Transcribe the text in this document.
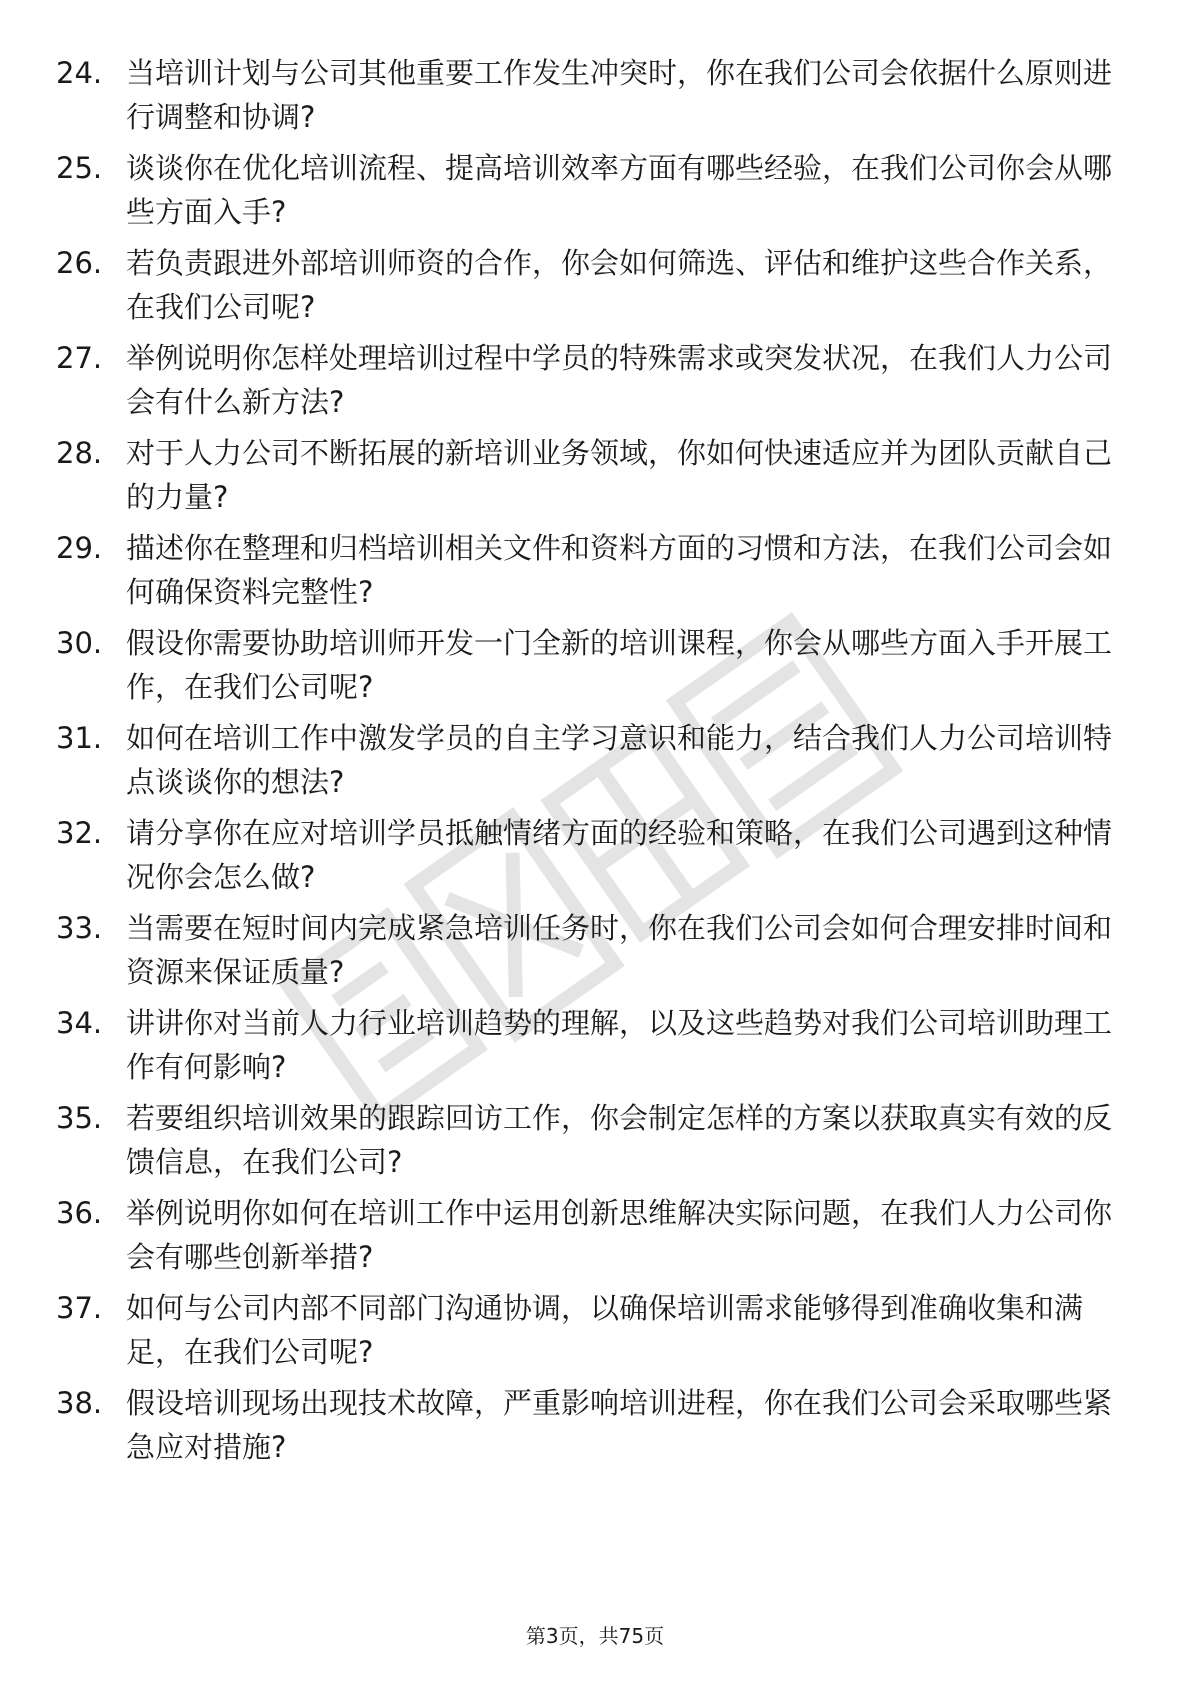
24. 当培训计划与公司其他重要工作发生冲突时，你在我们公司会依据什么原则进行调整和协调?
25. 谈谈你在优化培训流程、提高培训效率方面有哪些经验，在我们公司你会从哪些方面入手?
26. 若负责跟进外部培训师资的合作，你会如何筛选、评估和维护这些合作关系，在我们公司呢?
27. 举例说明你怎样处理培训过程中学员的特殊需求或突发状况，在我们人力公司会有什么新方法?
28. 对于人力公司不断拓展的新培训业务领域，你如何快速适应并为团队贡献自己的力量?
29. 描述你在整理和归档培训相关文件和资料方面的习惯和方法，在我们公司会如何确保资料完整性?
30. 假设你需要协助培训师开发一门全新的培训课程，你会从哪些方面入手开展工作，在我们公司呢?
31. 如何在培训工作中激发学员的自主学习意识和能力，结合我们人力公司培训特点谈谈你的想法?
32. 请分享你在应对培训学员抵触情绪方面的经验和策略，在我们公司遇到这种情况你会怎么做?
33. 当需要在短时间内完成紧急培训任务时，你在我们公司会如何合理安排时间和资源来保证质量?
34. 讲讲你对当前人力行业培训趋势的理解，以及这些趋势对我们公司培训助理工作有何影响?
35. 若要组织培训效果的跟踪回访工作，你会制定怎样的方案以获取真实有效的反馈信息，在我们公司?
36. 举例说明你如何在培训工作中运用创新思维解决实际问题，在我们人力公司你会有哪些创新举措?
37. 如何与公司内部不同部门沟通协调，以确保培训需求能够得到准确收集和满足，在我们公司呢?
38. 假设培训现场出现技术故障，严重影响培训进程，你在我们公司会采取哪些紧急应对措施?
第3页，共75页
